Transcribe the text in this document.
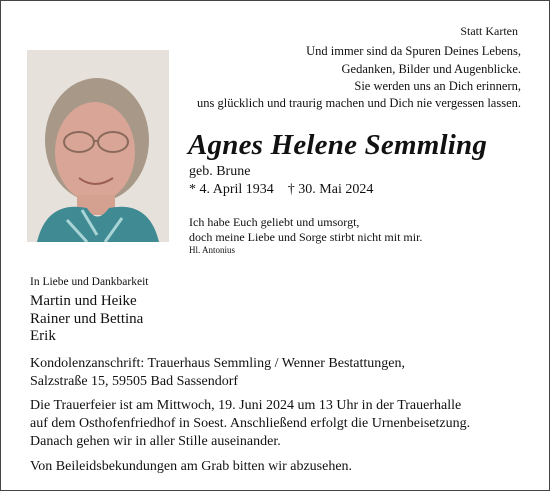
Statt Karten
Und immer sind da Spuren Deines Lebens,
Gedanken, Bilder und Augenblicke.
Sie werden uns an Dich erinnern,
uns glücklich und traurig machen und Dich nie vergessen lassen.
Agnes Helene Semmling
geb. Brune
* 4. April 1934    † 30. Mai 2024
Ich habe Euch geliebt und umsorgt,
doch meine Liebe und Sorge stirbt nicht mit mir.
Hl. Antonius
In Liebe und Dankbarkeit
Martin und Heike
Rainer und Bettina
Erik
Kondolenzanschrift: Trauerhaus Semmling / Wenner Bestattungen,
Salzstraße 15, 59505 Bad Sassendorf
Die Trauerfeier ist am Mittwoch, 19. Juni 2024 um 13 Uhr in der Trauerhalle
auf dem Osthofenfriedhof in Soest. Anschließend erfolgt die Urnenbeisetzung.
Danach gehen wir in aller Stille auseinander.
Von Beileidsbekundungen am Grab bitten wir abzusehen.
